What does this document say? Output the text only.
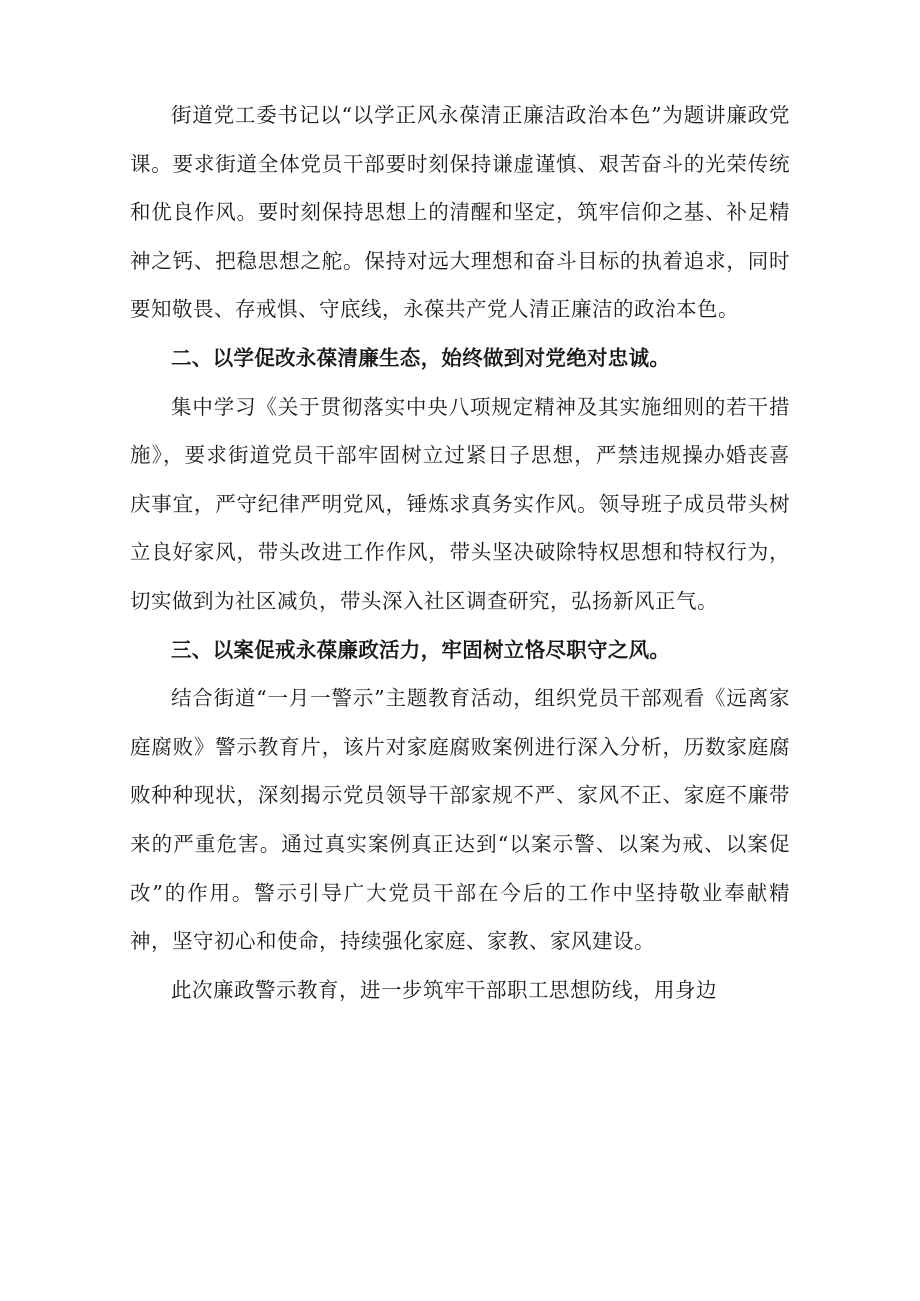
街道党工委书记以“以学正风永葆清正廉洁政治本色”为题讲廉政党课。要求街道全体党员干部要时刻保持谦虚谨慎、艰苦奋斗的光荣传统和优良作风。要时刻保持思想上的清醒和坚定，筑牢信仰之基、补足精神之钙、把稳思想之舵。保持对远大理想和奋斗目标的执着追求，同时要知敬畏、存戒惧、守底线，永葆共产党人清正廉洁的政治本色。

二、以学促改永葆清廉生态，始终做到对党绝对忠诚。

集中学习《关于贯彻落实中央八项规定精神及其实施细则的若干措施》，要求街道党员干部牢固树立过紧日子思想，严禁违规操办婚丧喜庆事宜，严守纪律严明党风，锤炼求真务实作风。领导班子成员带头树立良好家风，带头改进工作作风，带头坚决破除特权思想和特权行为，切实做到为社区减负，带头深入社区调查研究，弘扬新风正气。

三、以案促戒永葆廉政活力，牢固树立恪尽职守之风。

结合街道“一月一警示”主题教育活动，组织党员干部观看《远离家庭腐败》警示教育片，该片对家庭腐败案例进行深入分析，历数家庭腐败种种现状，深刻揭示党员领导干部家规不严、家风不正、家庭不廉带来的严重危害。通过真实案例真正达到“以案示警、以案为戒、以案促改”的作用。警示引导广大党员干部在今后的工作中坚持敬业奉献精神，坚守初心和使命，持续强化家庭、家教、家风建设。

此次廉政警示教育，进一步筑牢干部职工思想防线，用身边
